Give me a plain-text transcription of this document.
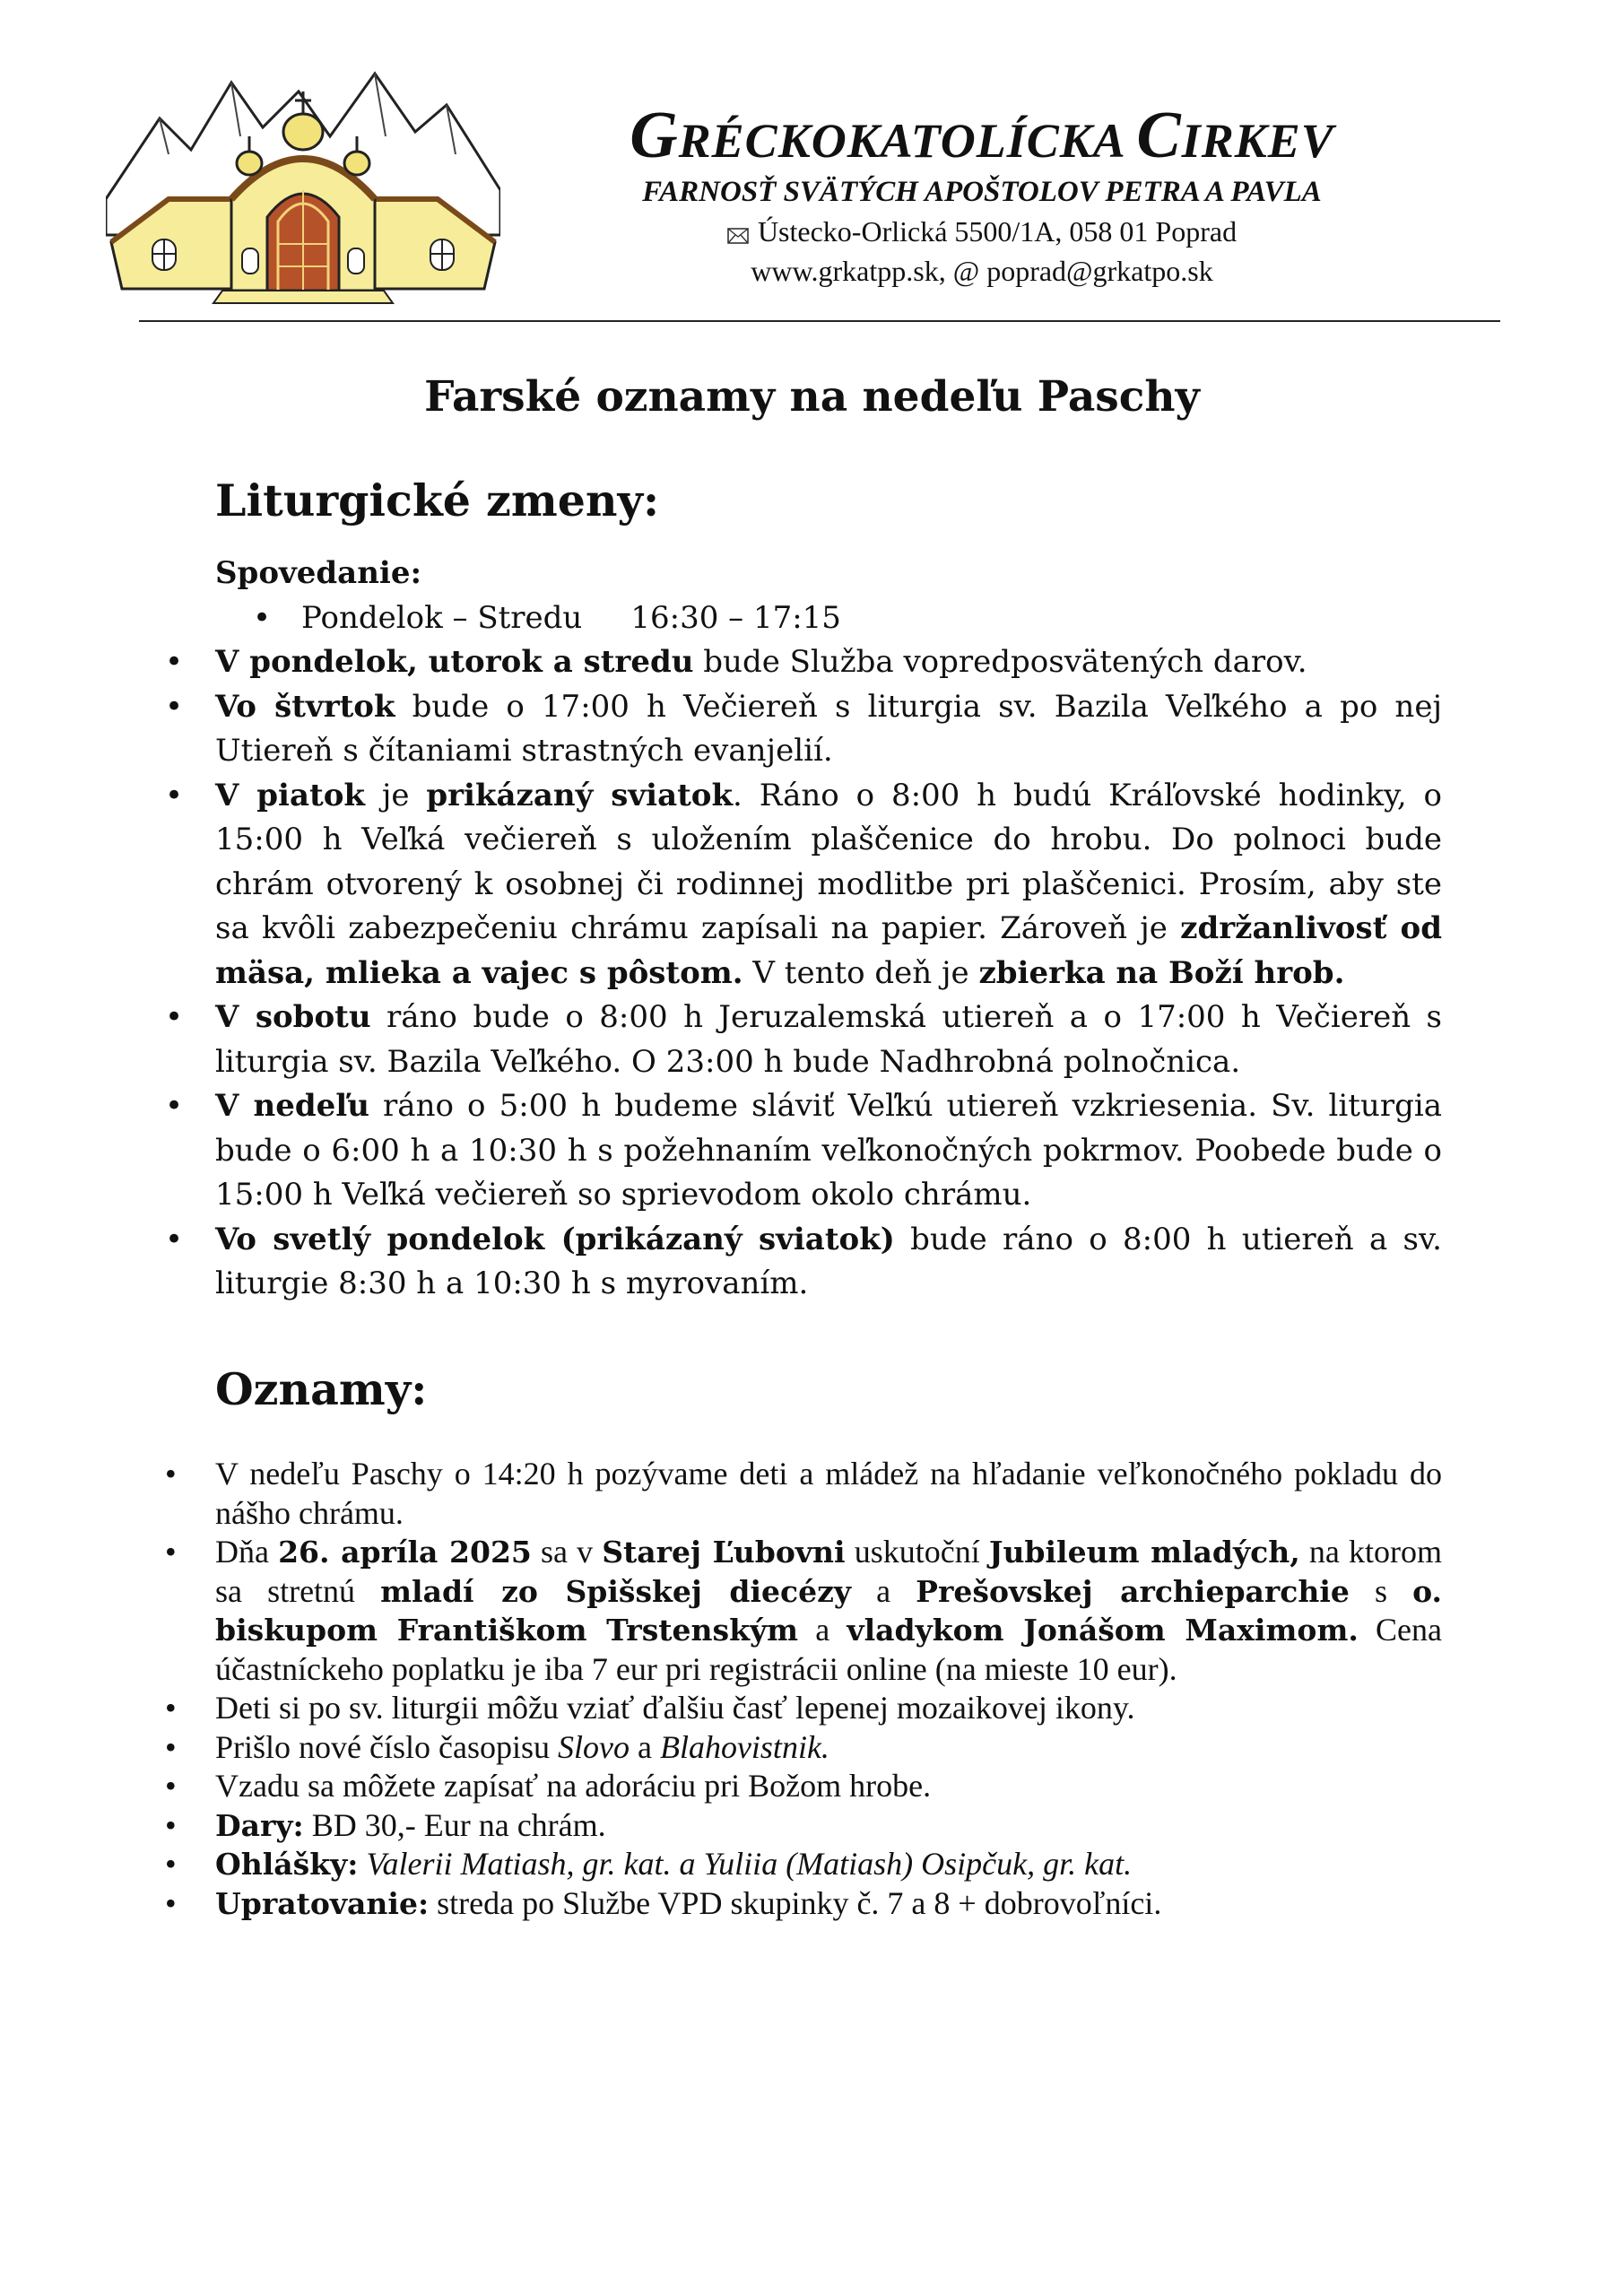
GRÉCKOKATOLÍCKA CIRKEV
FARNOSŤ SVÄTÝCH APOŠTOLOV PETRA A PAVLA
Ústecko-Orlická 5500/1A, 058 01 Poprad
www.grkatpp.sk, @ poprad@grkatpo.sk
Farské oznamy na nedeľu Paschy
Liturgické zmeny:
Spovedanie:
• Pondelok – Stredu 16:30 – 17:15
• V pondelok, utorok a stredu bude Služba vopredposvätených darov.
• Vo štvrtok bude o 17:00 h Večiereň s liturgia sv. Bazila Veľkého a po nej Utiereň s čítaniami strastných evanjelií.
• V piatok je prikázaný sviatok. Ráno o 8:00 h budú Kráľovské hodinky, o 15:00 h Veľká večiereň s uložením plaščenice do hrobu. Do polnoci bude chrám otvorený k osobnej či rodinnej modlitbe pri plaščenici. Prosím, aby ste sa kvôli zabezpečeniu chrámu zapísali na papier. Zároveň je zdržanlivosť od mäsa, mlieka a vajec s pôstom. V tento deň je zbierka na Boží hrob.
• V sobotu ráno bude o 8:00 h Jeruzalemská utiereň a o 17:00 h Večiereň s liturgia sv. Bazila Veľkého. O 23:00 h bude Nadhrobná polnočnica.
• V nedeľu ráno o 5:00 h budeme sláviť Veľkú utiereň vzkriesenia. Sv. liturgia bude o 6:00 h a 10:30 h s požehnaním veľkonočných pokrmov. Poobede bude o 15:00 h Veľká večiereň so sprievodom okolo chrámu.
• Vo svetlý pondelok (prikázaný sviatok) bude ráno o 8:00 h utiereň a sv. liturgie 8:30 h a 10:30 h s myrovaním.
Oznamy:
• V nedeľu Paschy o 14:20 h pozývame deti a mládež na hľadanie veľkonočného pokladu do nášho chrámu.
• Dňa 26. apríla 2025 sa v Starej Ľubovni uskutoční Jubileum mladých, na ktorom sa stretnú mladí zo Spišskej diecézy a Prešovskej archieparchie s o. biskupom Františkom Trstenským a vladykom Jonášom Maximom. Cena účastníckeho poplatku je iba 7 eur pri registrácii online (na mieste 10 eur).
• Deti si po sv. liturgii môžu vziať ďalšiu časť lepenej mozaikovej ikony.
• Prišlo nové číslo časopisu Slovo a Blahovistnik.
• Vzadu sa môžete zapísať na adoráciu pri Božom hrobe.
• Dary: BD 30,- Eur na chrám.
• Ohlášky: Valerii Matiash, gr. kat. a Yuliia (Matiash) Osipčuk, gr. kat.
• Upratovanie: streda po Službe VPD skupinky č. 7 a 8 + dobrovoľníci.
